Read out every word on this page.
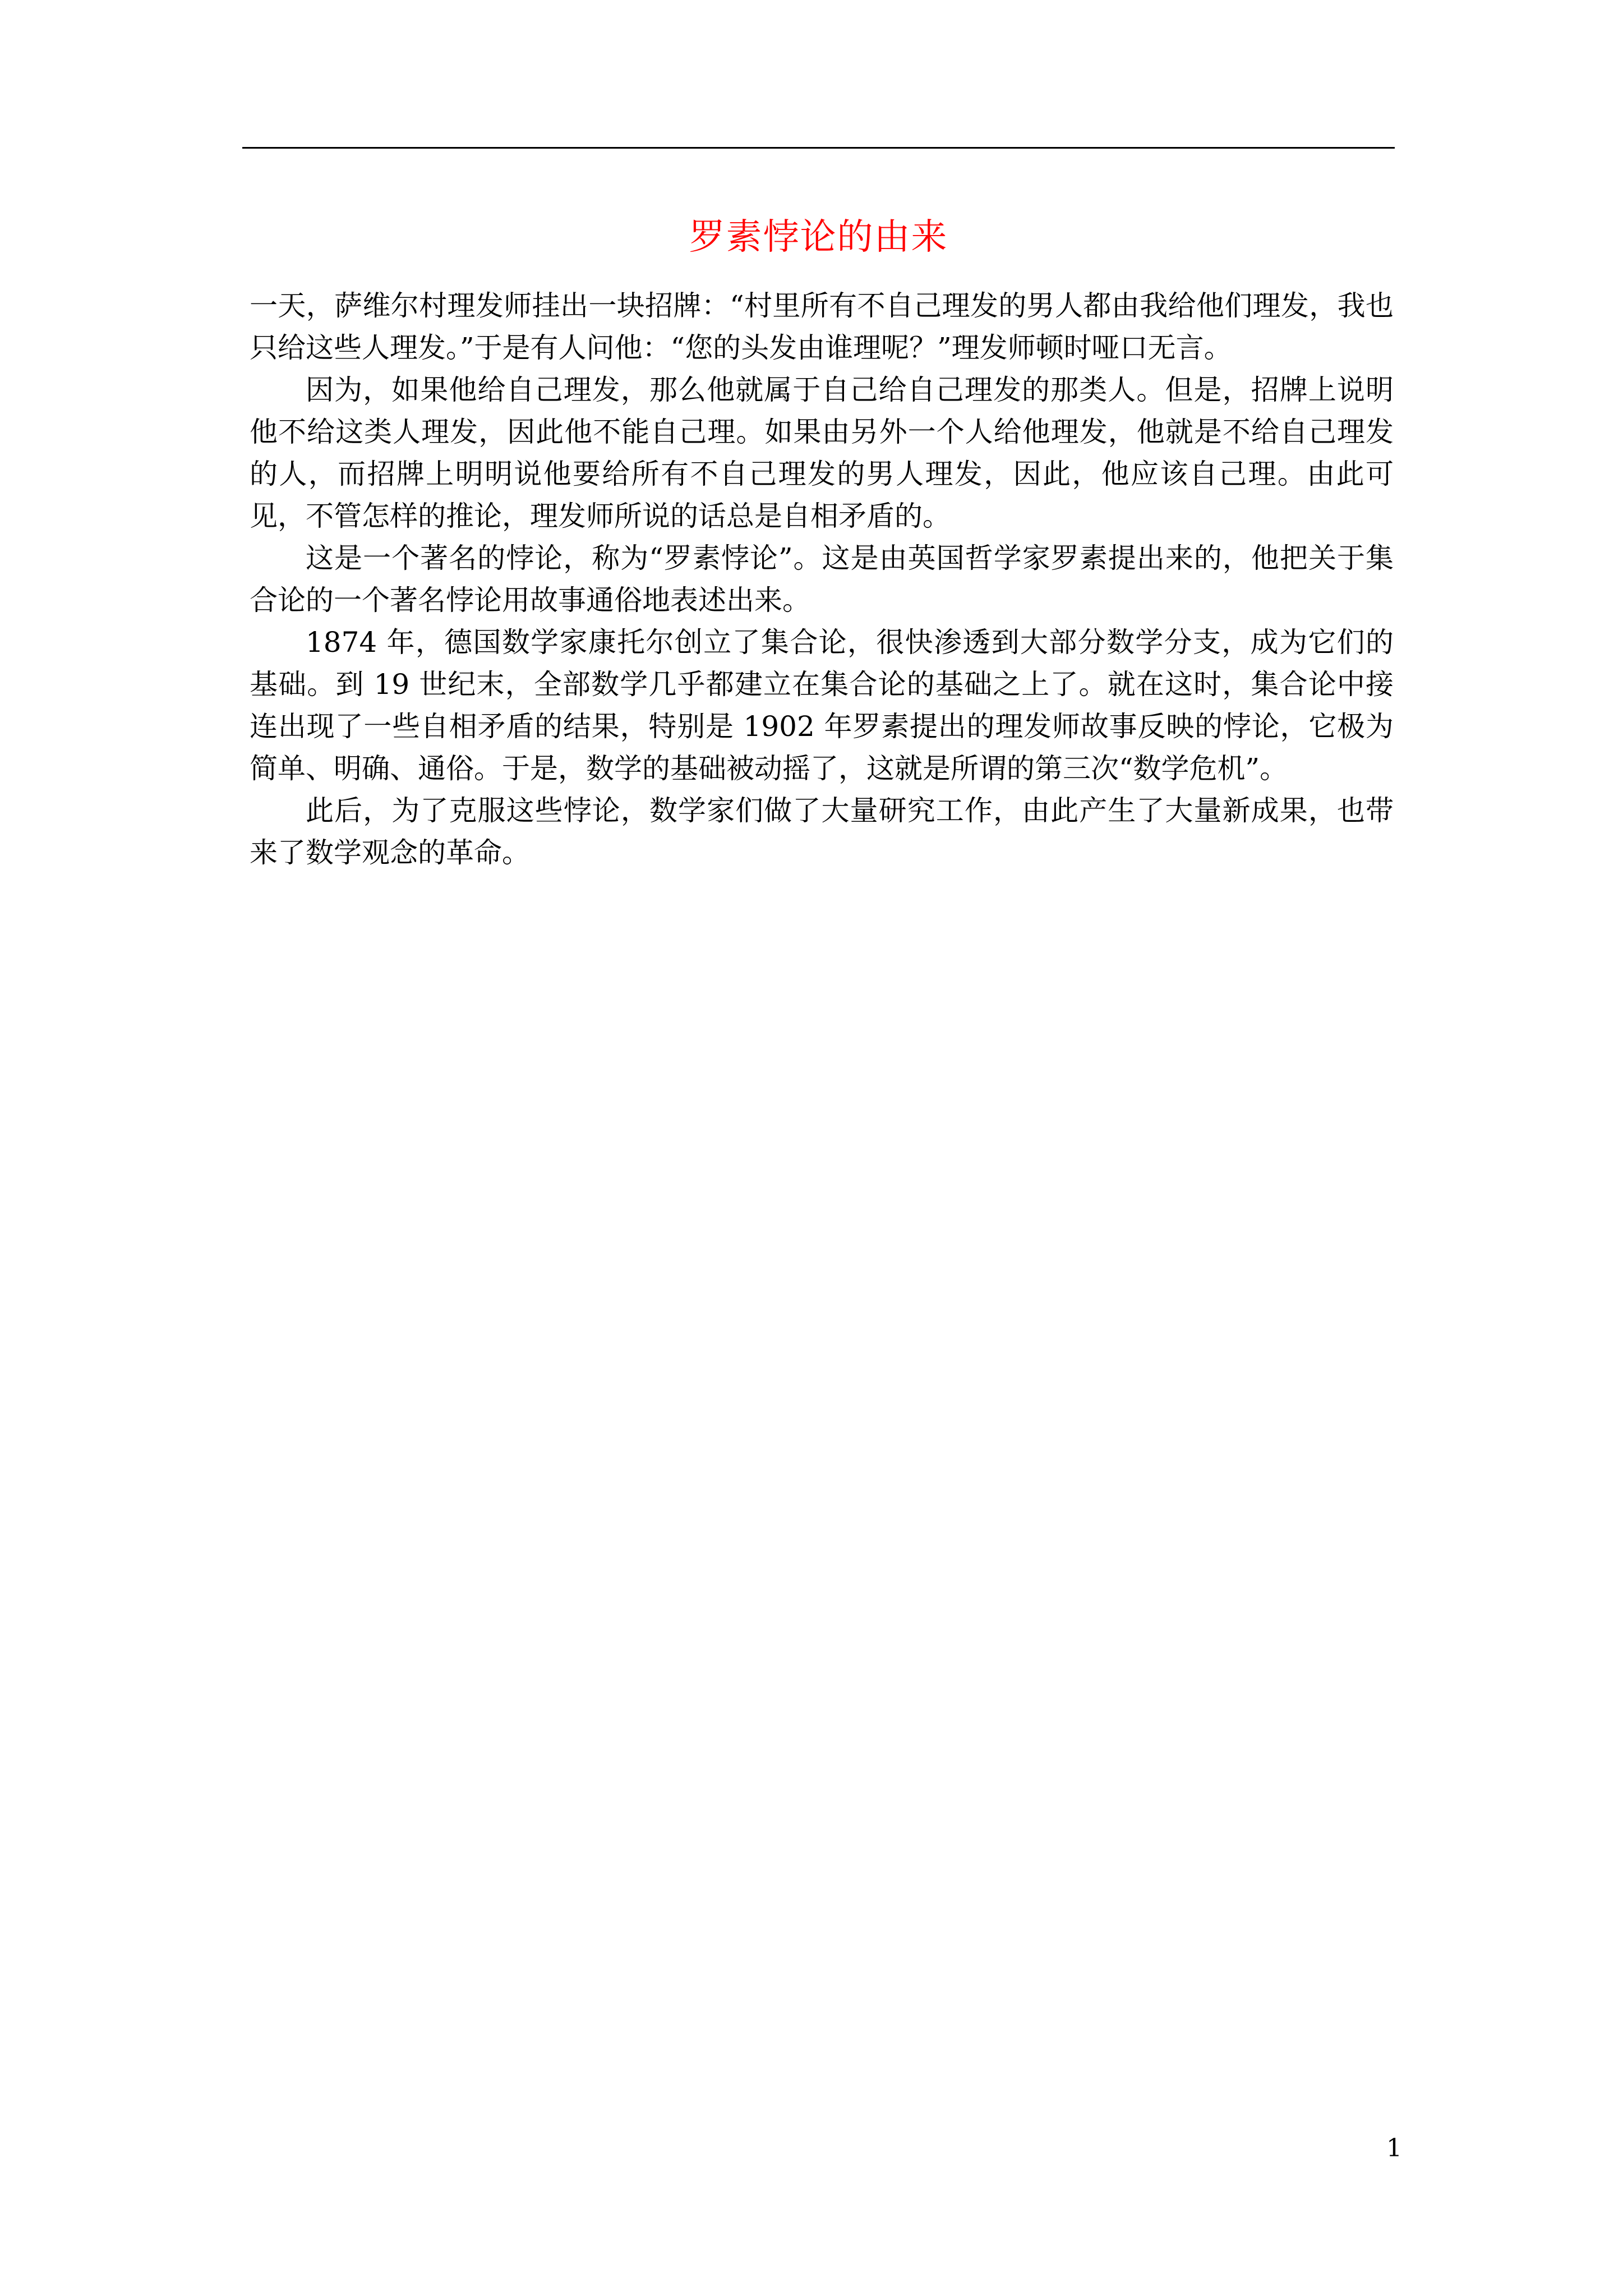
罗素悖论的由来

一天，萨维尔村理发师挂出一块招牌：“村里所有不自己理发的男人都由我给他们理发，我也只给这些人理发。”于是有人问他：“您的头发由谁理呢？”理发师顿时哑口无言。

因为，如果他给自己理发，那么他就属于自己给自己理发的那类人。但是，招牌上说明他不给这类人理发，因此他不能自己理。如果由另外一个人给他理发，他就是不给自己理发的人，而招牌上明明说他要给所有不自己理发的男人理发，因此，他应该自己理。由此可见，不管怎样的推论，理发师所说的话总是自相矛盾的。

这是一个著名的悖论，称为“罗素悖论”。这是由英国哲学家罗素提出来的，他把关于集合论的一个著名悖论用故事通俗地表述出来。

1874 年，德国数学家康托尔创立了集合论，很快渗透到大部分数学分支，成为它们的基础。到 19 世纪末，全部数学几乎都建立在集合论的基础之上了。就在这时，集合论中接连出现了一些自相矛盾的结果，特别是 1902 年罗素提出的理发师故事反映的悖论，它极为简单、明确、通俗。于是，数学的基础被动摇了，这就是所谓的第三次“数学危机”。

此后，为了克服这些悖论，数学家们做了大量研究工作，由此产生了大量新成果，也带来了数学观念的革命。

1
